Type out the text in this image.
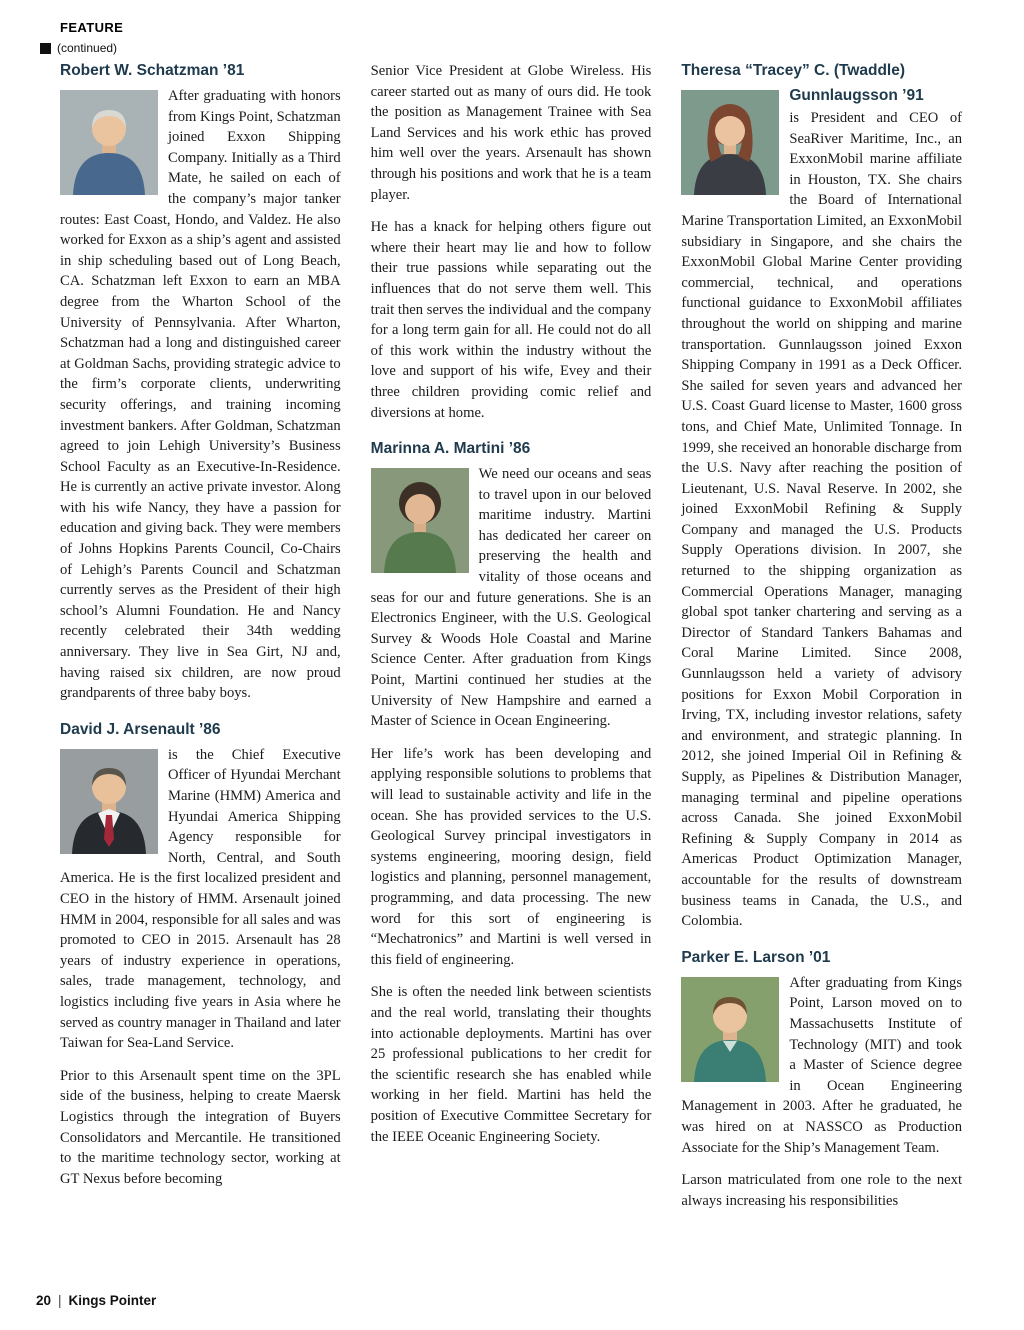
FEATURE
(continued)
Robert W. Schatzman ’81

After graduating with honors from Kings Point, Schatzman joined Exxon Shipping Company. Initially as a Third Mate, he sailed on each of the company’s major tanker routes: East Coast, Hondo, and Valdez. He also worked for Exxon as a ship’s agent and assisted in ship scheduling based out of Long Beach, CA. Schatzman left Exxon to earn an MBA degree from the Wharton School of the University of Pennsylvania. After Wharton, Schatzman had a long and distinguished career at Goldman Sachs, providing strategic advice to the firm’s corporate clients, underwriting security offerings, and training incoming investment bankers. After Goldman, Schatzman agreed to join Lehigh University’s Business School Faculty as an Executive-In-Residence. He is currently an active private investor. Along with his wife Nancy, they have a passion for education and giving back. They were members of Johns Hopkins Parents Council, Co-Chairs of Lehigh’s Parents Council and Schatzman currently serves as the President of their high school’s Alumni Foundation. He and Nancy recently celebrated their 34th wedding anniversary. They live in Sea Girt, NJ and, having raised six children, are now proud grandparents of three baby boys.

David J. Arsenault ’86

is the Chief Executive Officer of Hyundai Merchant Marine (HMM) America and Hyundai America Shipping Agency responsible for North, Central, and South America. He is the first localized president and CEO in the history of HMM. Arsenault joined HMM in 2004, responsible for all sales and was promoted to CEO in 2015. Arsenault has 28 years of industry experience in operations, sales, trade management, technology, and logistics including five years in Asia where he served as country manager in Thailand and later Taiwan for Sea-Land Service.

Prior to this Arsenault spent time on the 3PL side of the business, helping to create Maersk Logistics through the integration of Buyers Consolidators and Mercantile. He transitioned to the maritime technology sector, working at GT Nexus before becoming

Senior Vice President at Globe Wireless. His career started out as many of ours did. He took the position as Management Trainee with Sea Land Services and his work ethic has proved him well over the years. Arsenault has shown through his positions and work that he is a team player.

He has a knack for helping others figure out where their heart may lie and how to follow their true passions while separating out the influences that do not serve them well. This trait then serves the individual and the company for a long term gain for all. He could not do all of this work within the industry without the love and support of his wife, Evey and their three children providing comic relief and diversions at home.

Marinna A. Martini ’86

We need our oceans and seas to travel upon in our beloved maritime industry. Martini has dedicated her career on preserving the health and vitality of those oceans and seas for our and future generations. She is an Electronics Engineer, with the U.S. Geological Survey & Woods Hole Coastal and Marine Science Center. After graduation from Kings Point, Martini continued her studies at the University of New Hampshire and earned a Master of Science in Ocean Engineering.

Her life’s work has been developing and applying responsible solutions to problems that will lead to sustainable activity and life in the ocean. She has provided services to the U.S. Geological Survey principal investigators in systems engineering, mooring design, field logistics and planning, personnel management, programming, and data processing. The new word for this sort of engineering is “Mechatronics” and Martini is well versed in this field of engineering.

She is often the needed link between scientists and the real world, translating their thoughts into actionable deployments. Martini has over 25 professional publications to her credit for the scientific research she has enabled while working in her field. Martini has held the position of Executive Committee Secretary for the IEEE Oceanic Engineering Society.

Theresa “Tracey” C. (Twaddle)
Gunnlaugsson ’91

is President and CEO of SeaRiver Maritime, Inc., an ExxonMobil marine affiliate in Houston, TX. She chairs the Board of International Marine Transportation Limited, an ExxonMobil subsidiary in Singapore, and she chairs the ExxonMobil Global Marine Center providing commercial, technical, and operations functional guidance to ExxonMobil affiliates throughout the world on shipping and marine transportation. Gunnlaugsson joined Exxon Shipping Company in 1991 as a Deck Officer. She sailed for seven years and advanced her U.S. Coast Guard license to Master, 1600 gross tons, and Chief Mate, Unlimited Tonnage. In 1999, she received an honorable discharge from the U.S. Navy after reaching the position of Lieutenant, U.S. Naval Reserve. In 2002, she joined ExxonMobil Refining & Supply Company and managed the U.S. Products Supply Operations division. In 2007, she returned to the shipping organization as Commercial Operations Manager, managing global spot tanker chartering and serving as a Director of Standard Tankers Bahamas and Coral Marine Limited. Since 2008, Gunnlaugsson held a variety of advisory positions for Exxon Mobil Corporation in Irving, TX, including investor relations, safety and environment, and strategic planning. In 2012, she joined Imperial Oil in Refining & Supply, as Pipelines & Distribution Manager, managing terminal and pipeline operations across Canada. She joined ExxonMobil Refining & Supply Company in 2014 as Americas Product Optimization Manager, accountable for the results of downstream business teams in Canada, the U.S., and Colombia.

Parker E. Larson ’01

After graduating from Kings Point, Larson moved on to Massachusetts Institute of Technology (MIT) and took a Master of Science degree in Ocean Engineering Management in 2003. After he graduated, he was hired on at NASSCO as Production Associate for the Ship’s Management Team.

Larson matriculated from one role to the next always increasing his responsibilities

20 | Kings Pointer
